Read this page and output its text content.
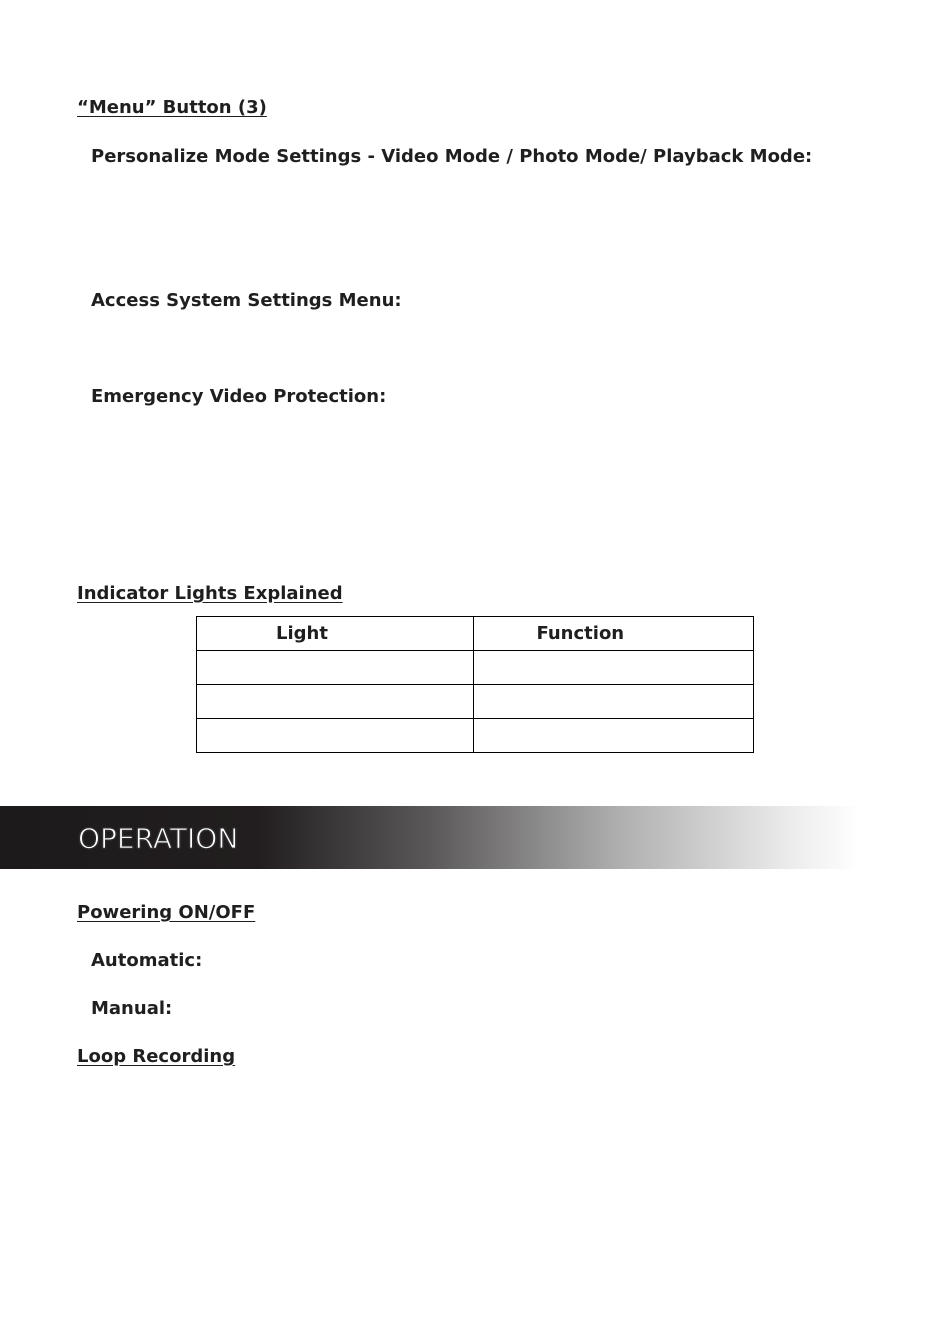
“Menu” Button (3)
Personalize Mode Settings - Video Mode / Photo Mode/ Playback Mode:
Access System Settings Menu:
Emergency Video Protection:
Indicator Lights Explained
Light	Function

OPERATION
Powering ON/OFF
Automatic:
Manual:
Loop Recording
